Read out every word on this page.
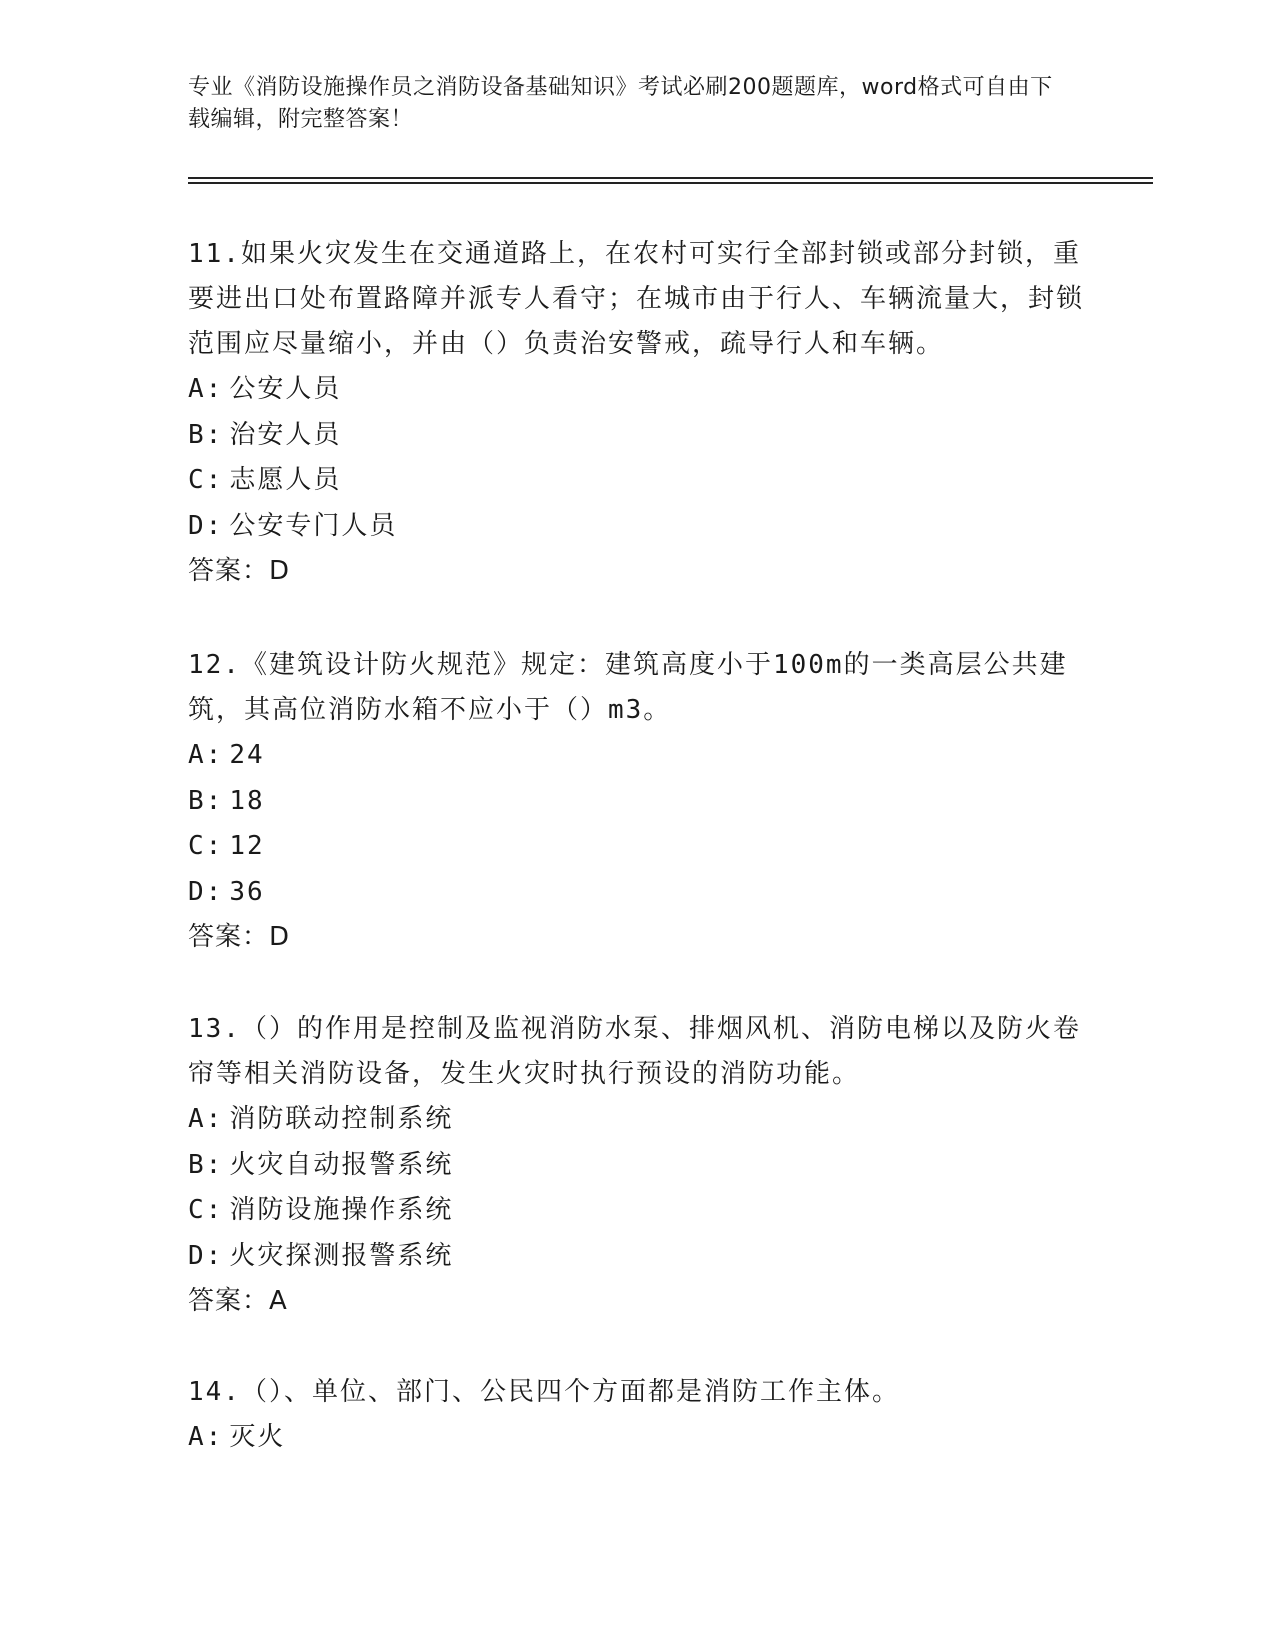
专业《消防设施操作员之消防设备基础知识》考试必刷200题题库，word格式可自由下载编辑，附完整答案！

11.如果火灾发生在交通道路上，在农村可实行全部封锁或部分封锁，重要进出口处布置路障并派专人看守；在城市由于行人、车辆流量大，封锁范围应尽量缩小，并由（）负责治安警戒，疏导行人和车辆。

A: 公安人员

B: 治安人员

C: 志愿人员

D: 公安专门人员

答案：D

12.《建筑设计防火规范》规定：建筑高度小于100m的一类高层公共建筑，其高位消防水箱不应小于（）m3。

A: 24

B: 18

C: 12

D: 36

答案：D

13.（）的作用是控制及监视消防水泵、排烟风机、消防电梯以及防火卷帘等相关消防设备，发生火灾时执行预设的消防功能。

A: 消防联动控制系统

B: 火灾自动报警系统

C: 消防设施操作系统

D: 火灾探测报警系统

答案：A

14.（）、单位、部门、公民四个方面都是消防工作主体。

A: 灭火
